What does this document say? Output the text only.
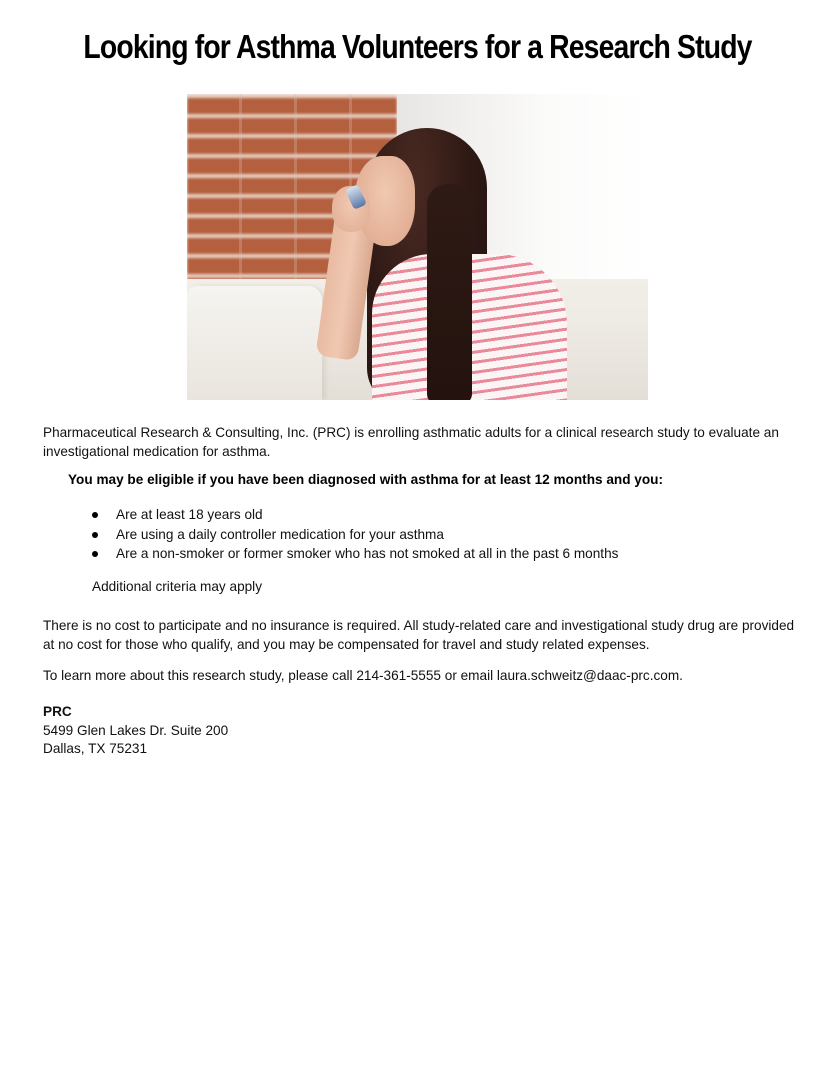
Looking for Asthma Volunteers for a Research Study

Pharmaceutical Research & Consulting, Inc. (PRC) is enrolling asthmatic adults for a clinical research study to evaluate an investigational medication for asthma.

You may be eligible if you have been diagnosed with asthma for at least 12 months and you:

Are at least 18 years old
Are using a daily controller medication for your asthma
Are a non-smoker or former smoker who has not smoked at all in the past 6 months

Additional criteria may apply

There is no cost to participate and no insurance is required. All study-related care and investigational study drug are provided at no cost for those who qualify, and you may be compensated for travel and study related expenses.

To learn more about this research study, please call 214-361-5555 or email laura.schweitz@daac-prc.com.

PRC
5499 Glen Lakes Dr. Suite 200
Dallas, TX 75231
